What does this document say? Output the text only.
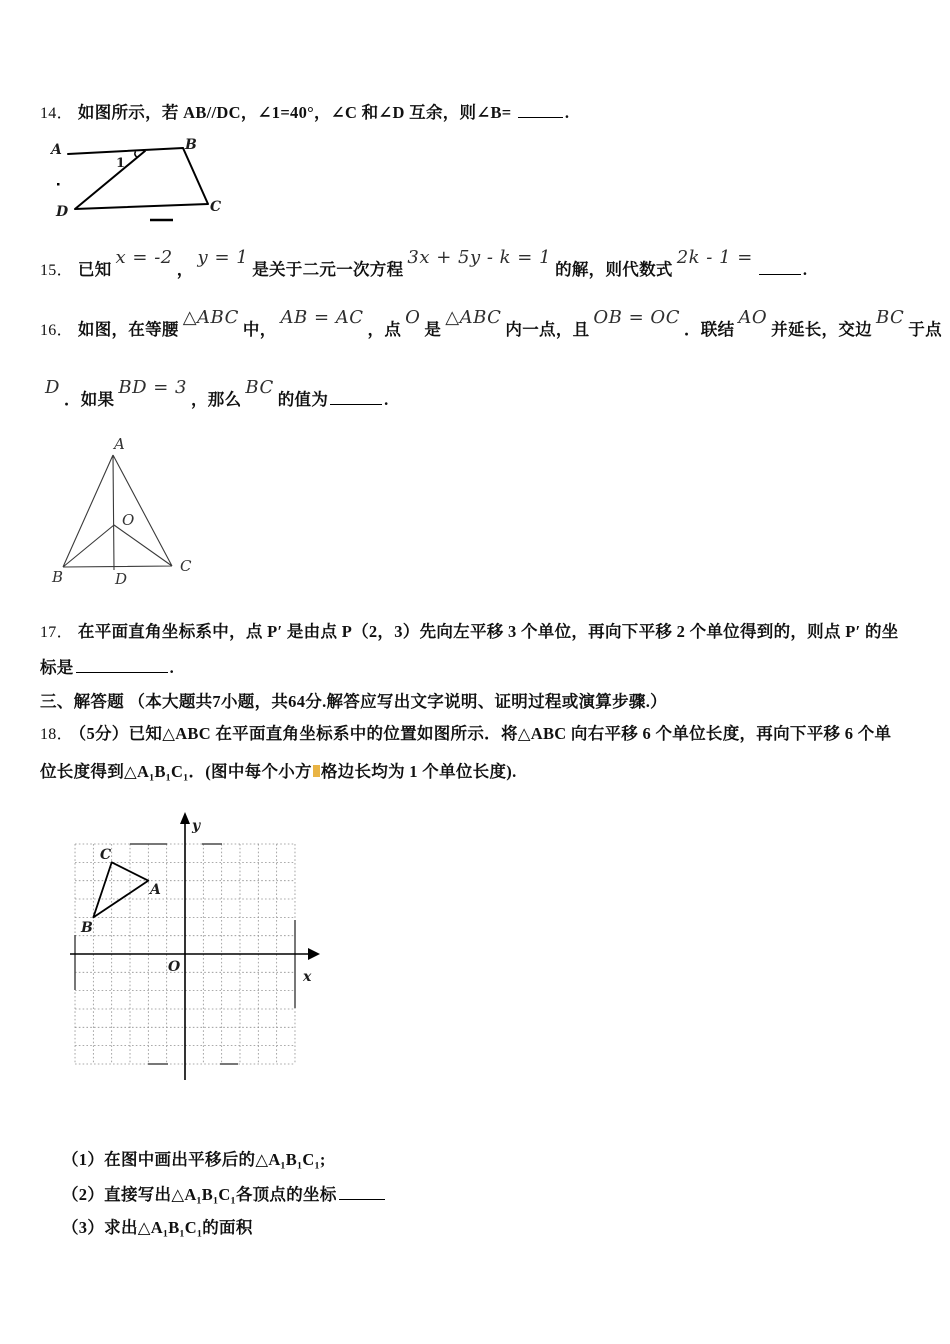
14． 如图所示，若 AB//DC，∠1=40°，∠C 和∠D 互余，则∠B=	.
A	B
C
D
1
15． 已知x = -2，y = 1是关于二元一次方程3x + 5y - k = 1的解，则代数式2k - 1 =.
16． 如图，在等腰△ABC中，AB = AC，点O是△ABC内一点，且OB = OC．联结AO并延长，交边BC于点
D．如果BD = 3，那么BC的值为	.
A
B
C
O
D
17． 在平面直角坐标系中，点 P′ 是由点 P（2，3）先向左平移 3 个单位，再向下平移 2 个单位得到的，则点 P′ 的坐
标是	.
三、解答题 （本大题共7小题，共64分.解答应写出文字说明、证明过程或演算步骤.）
18． （5分）已知△ABC 在平面直角坐标系中的位置如图所示．将△ABC 向右平移 6 个单位长度，再向下平移 6 个单
位长度得到△A₁B₁C₁．(图中每个小方 格边长均为 1 个单位长度).
y
x
O
A
B
C
（1）在图中画出平移后的△A₁B₁C₁;
（2）直接写出△A₁B₁C₁各顶点的坐标
（3）求出△A₁B₁C₁的面积
